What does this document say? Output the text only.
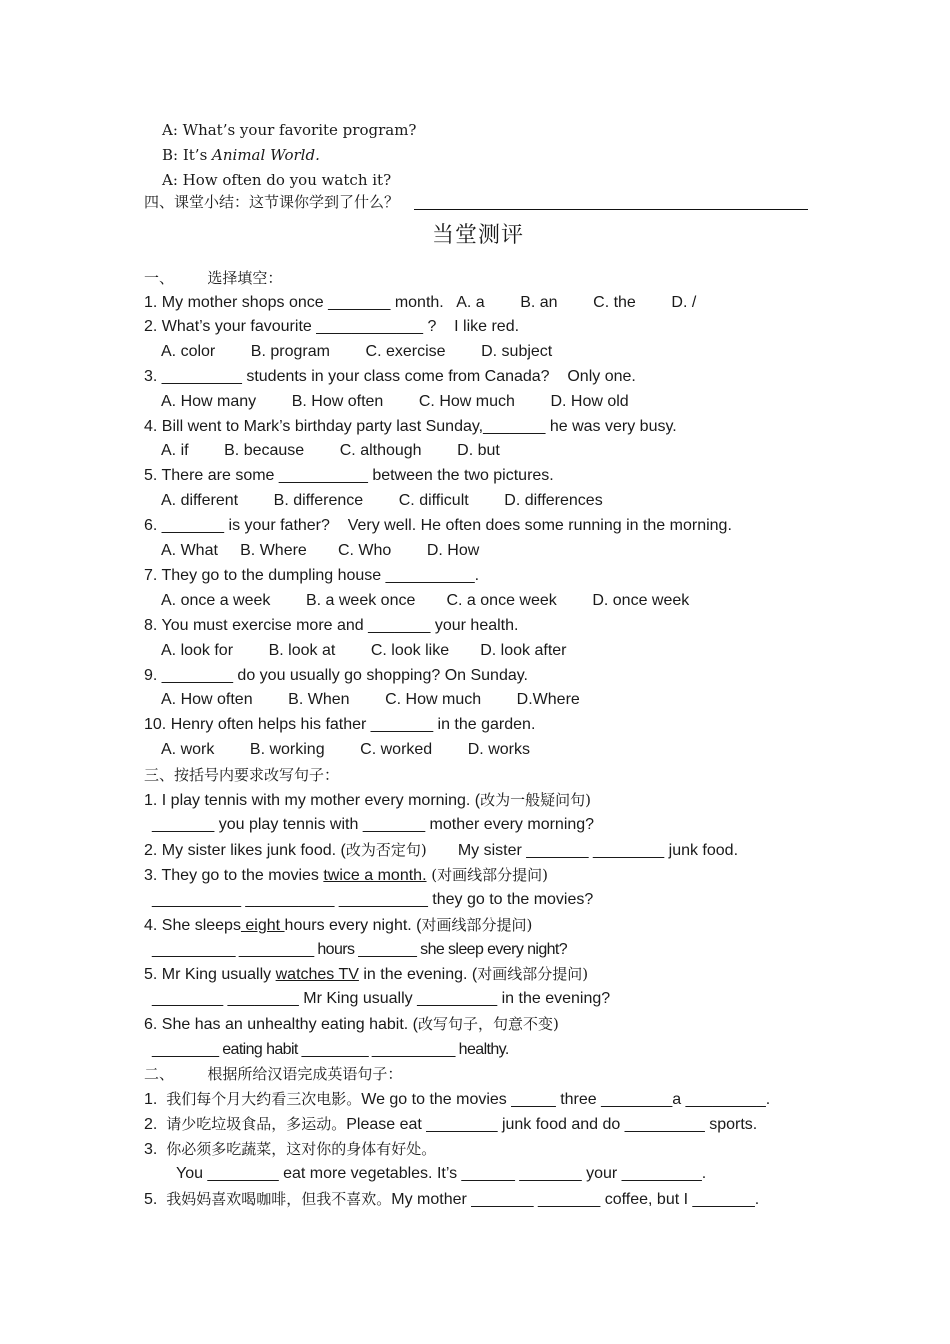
A: What’s your favorite program?
B: It’s Animal World.
A: How often do you watch it?
四、课堂小结：这节课你学到了什么？
当堂测评
一、       选择填空：
1. My mother shops once _______ month.   A. a        B. an        C. the        D. /
2. What’s your favourite ____________ ?    I like red.
A. color        B. program        C. exercise        D. subject
3. _________ students in your class come from Canada?    Only one.
A. How many        B. How often        C. How much        D. How old
4. Bill went to Mark’s birthday party last Sunday,_______ he was very busy.
A. if        B. because        C. although        D. but
5. There are some __________ between the two pictures.
A. different        B. difference        C. difficult        D. differences
6. _______ is your father?    Very well. He often does some running in the morning.
A. What     B. Where       C. Who        D. How
7. They go to the dumpling house __________.
A. once a week        B. a week once       C. a once week        D. once week
8. You must exercise more and _______ your health.
A. look for        B. look at        C. look like       D. look after
9. ________ do you usually go shopping? On Sunday.
A. How often        B. When        C. How much        D.Where
10. Henry often helps his father _______ in the garden.
A. work        B. working        C. worked        D. works
三、按括号内要求改写句子：
1. I play tennis with my mother every morning. (改为一般疑问句)
_______ you play tennis with _______ mother every morning?
2. My sister likes junk food. (改为否定句)       My sister _______ ________ junk food.
3. They go to the movies twice a month. (对画线部分提问)
__________ __________ __________ they go to the movies?
4. She sleeps eight hours every night. (对画线部分提问)
__________ _________ hours _______ she sleep every night?
5. Mr King usually watches TV in the evening. (对画线部分提问)
________ ________ Mr King usually _________ in the evening?
6. She has an unhealthy eating habit. (改写句子，句意不变)
________ eating habit ________ __________ healthy.
二、       根据所给汉语完成英语句子：
1.  我们每个月大约看三次电影。We go to the movies _____ three ________a _________.
2.  请少吃垃圾食品，多运动。Please eat ________ junk food and do _________ sports.
3.  你必须多吃蔬菜，这对你的身体有好处。
You ________ eat more vegetables. It’s ______ _______ your _________.
5.  我妈妈喜欢喝咖啡，但我不喜欢。My mother _______ _______ coffee, but I _______.
